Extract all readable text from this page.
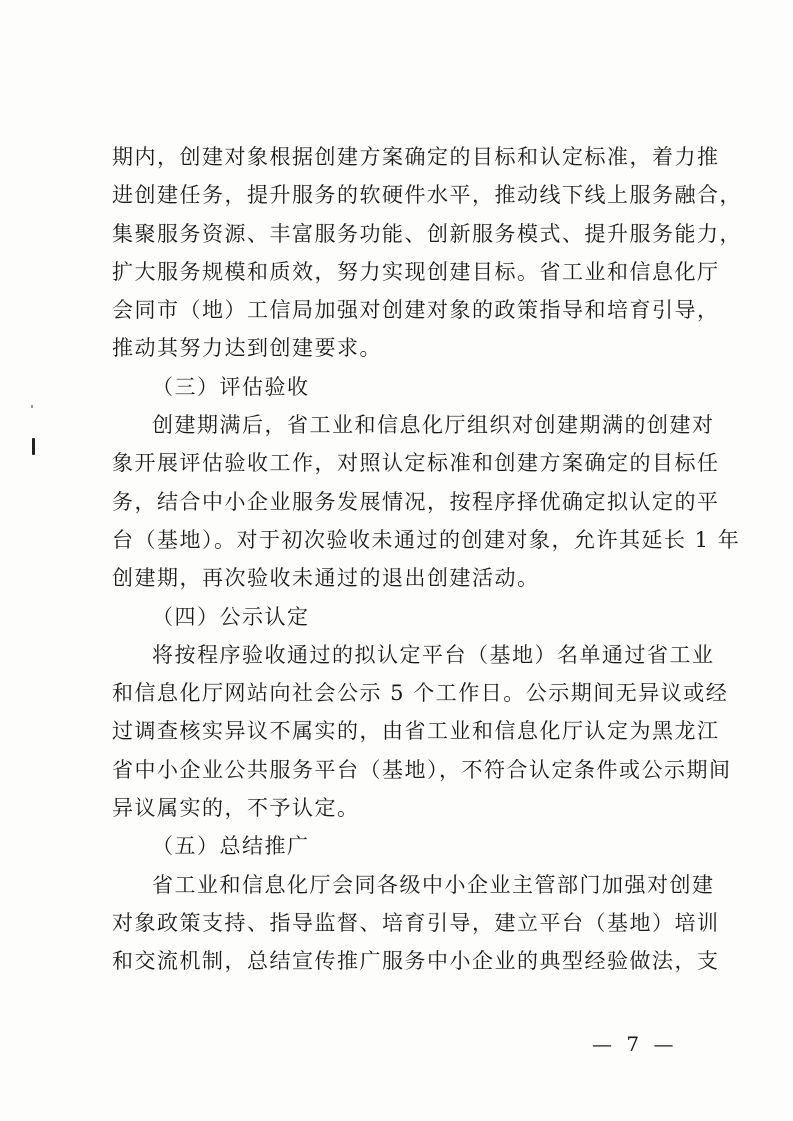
期内，创建对象根据创建方案确定的目标和认定标准，着力推
进创建任务，提升服务的软硬件水平，推动线下线上服务融合，
集聚服务资源、丰富服务功能、创新服务模式、提升服务能力，
扩大服务规模和质效，努力实现创建目标。省工业和信息化厅
会同市（地）工信局加强对创建对象的政策指导和培育引导，
推动其努力达到创建要求。
（三）评估验收
创建期满后，省工业和信息化厅组织对创建期满的创建对
象开展评估验收工作，对照认定标准和创建方案确定的目标任
务，结合中小企业服务发展情况，按程序择优确定拟认定的平
台（基地）。对于初次验收未通过的创建对象，允许其延长 1 年
创建期，再次验收未通过的退出创建活动。
（四）公示认定
将按程序验收通过的拟认定平台（基地）名单通过省工业
和信息化厅网站向社会公示 5 个工作日。公示期间无异议或经
过调查核实异议不属实的，由省工业和信息化厅认定为黑龙江
省中小企业公共服务平台（基地），不符合认定条件或公示期间
异议属实的，不予认定。
（五）总结推广
省工业和信息化厅会同各级中小企业主管部门加强对创建
对象政策支持、指导监督、培育引导，建立平台（基地）培训
和交流机制，总结宣传推广服务中小企业的典型经验做法，支
— 7 —
